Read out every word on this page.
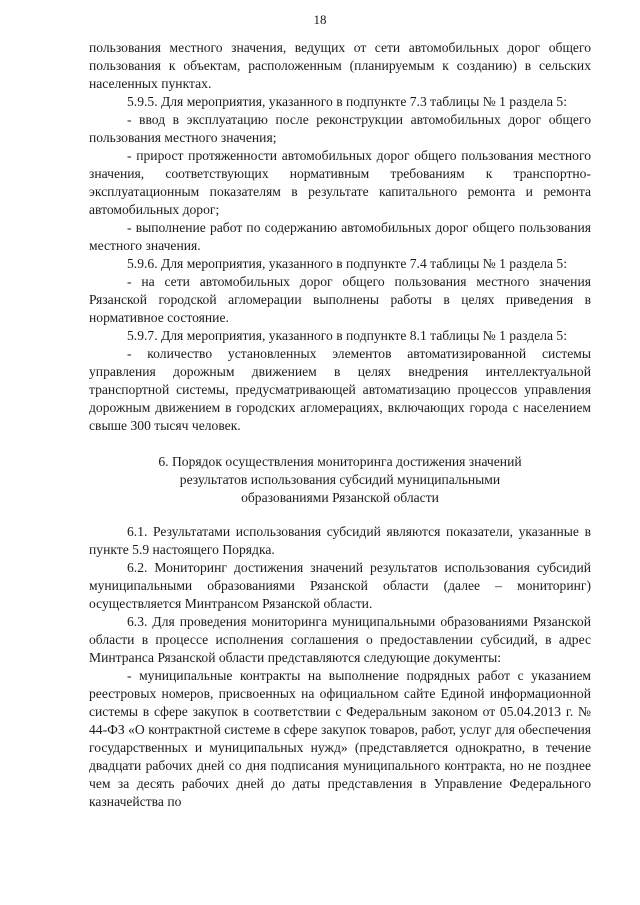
18

пользования местного значения, ведущих от сети автомобильных дорог общего пользования к объектам, расположенным (планируемым к созданию) в сельских населенных пунктах.

5.9.5. Для мероприятия, указанного в подпункте 7.3 таблицы № 1 раздела 5:

- ввод в эксплуатацию после реконструкции автомобильных дорог общего пользования местного значения;

- прирост протяженности автомобильных дорог общего пользования местного значения, соответствующих нормативным требованиям к транспортно-эксплуатационным показателям в результате капитального ремонта и ремонта автомобильных дорог;

- выполнение работ по содержанию автомобильных дорог общего пользования местного значения.

5.9.6. Для мероприятия, указанного в подпункте 7.4 таблицы № 1 раздела 5:

- на сети автомобильных дорог общего пользования местного значения Рязанской городской агломерации выполнены работы в целях приведения в нормативное состояние.

5.9.7. Для мероприятия, указанного в подпункте 8.1 таблицы № 1 раздела 5:

- количество установленных элементов автоматизированной системы управления дорожным движением в целях внедрения интеллектуальной транспортной системы, предусматривающей автоматизацию процессов управления дорожным движением в городских агломерациях, включающих города с населением свыше 300 тысяч человек.

6. Порядок осуществления мониторинга достижения значений
результатов использования субсидий муниципальными
образованиями Рязанской области

6.1. Результатами использования субсидий являются показатели, указанные в пункте 5.9 настоящего Порядка.

6.2. Мониторинг достижения значений результатов использования субсидий муниципальными образованиями Рязанской области (далее – мониторинг) осуществляется Минтрансом Рязанской области.

6.3. Для проведения мониторинга муниципальными образованиями Рязанской области в процессе исполнения соглашения о предоставлении субсидий, в адрес Минтранса Рязанской области представляются следующие документы:

- муниципальные контракты на выполнение подрядных работ с указанием реестровых номеров, присвоенных на официальном сайте Единой информационной системы в сфере закупок в соответствии с Федеральным законом от 05.04.2013 г. № 44-ФЗ «О контрактной системе в сфере закупок товаров, работ, услуг для обеспечения государственных и муниципальных нужд» (представляется однократно, в течение двадцати рабочих дней со дня подписания муниципального контракта, но не позднее чем за десять рабочих дней до даты представления в Управление Федерального казначейства по
